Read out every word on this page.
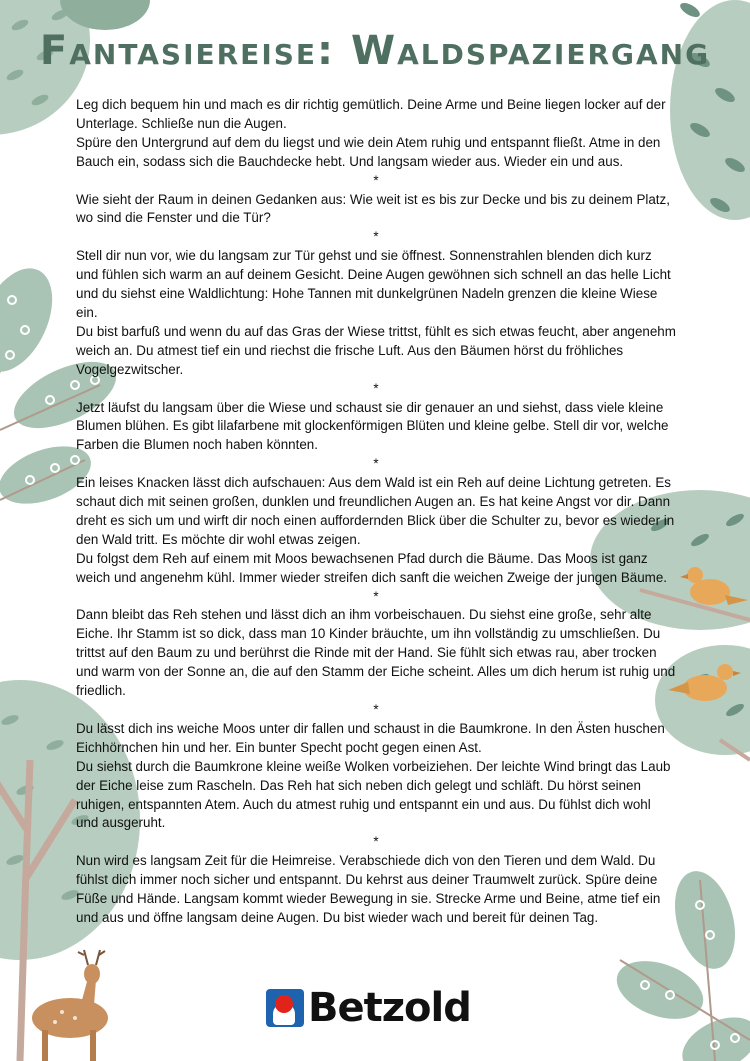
Fantasiereise: Waldspaziergang

Leg dich bequem hin und mach es dir richtig gemütlich. Deine Arme und Beine liegen locker auf der Unterlage. Schließe nun die Augen.

Spüre den Untergrund auf dem du liegst und wie dein Atem ruhig und entspannt fließt. Atme in den Bauch ein, sodass sich die Bauchdecke hebt. Und langsam wieder aus. Wieder ein und aus.

*

Wie sieht der Raum in deinen Gedanken aus: Wie weit ist es bis zur Decke und bis zu deinem Platz, wo sind die Fenster und die Tür?

*

Stell dir nun vor, wie du langsam zur Tür gehst und sie öffnest. Sonnenstrahlen blenden dich kurz und fühlen sich warm an auf deinem Gesicht. Deine Augen gewöhnen sich schnell an das helle Licht und du siehst eine Waldlichtung: Hohe Tannen mit dunkelgrünen Nadeln grenzen die kleine Wiese ein.

Du bist barfuß und wenn du auf das Gras der Wiese trittst, fühlt es sich etwas feucht, aber angenehm weich an. Du atmest tief ein und riechst die frische Luft. Aus den Bäumen hörst du fröhliches Vogelgezwitscher.

*

Jetzt läufst du langsam über die Wiese und schaust sie dir genauer an und siehst, dass viele kleine Blumen blühen. Es gibt lilafarbene mit glockenförmigen Blüten und kleine gelbe. Stell dir vor, welche Farben die Blumen noch haben könnten.

*

Ein leises Knacken lässt dich aufschauen: Aus dem Wald ist ein Reh auf deine Lichtung getreten. Es schaut dich mit seinen großen, dunklen und freundlichen Augen an. Es hat keine Angst vor dir. Dann dreht es sich um und wirft dir noch einen auffordernden Blick über die Schulter zu, bevor es wieder in den Wald tritt. Es möchte dir wohl etwas zeigen.

Du folgst dem Reh auf einem mit Moos bewachsenen Pfad durch die Bäume. Das Moos ist ganz weich und angenehm kühl. Immer wieder streifen dich sanft die weichen Zweige der jungen Bäume.

*

Dann bleibt das Reh stehen und lässt dich an ihm vorbeischauen. Du siehst eine große, sehr alte Eiche. Ihr Stamm ist so dick, dass man 10 Kinder bräuchte, um ihn vollständig zu umschließen. Du trittst auf den Baum zu und berührst die Rinde mit der Hand. Sie fühlt sich etwas rau, aber trocken und warm von der Sonne an, die auf den Stamm der Eiche scheint. Alles um dich herum ist ruhig und friedlich.

*

Du lässt dich ins weiche Moos unter dir fallen und schaust in die Baumkrone. In den Ästen huschen Eichhörnchen hin und her. Ein bunter Specht pocht gegen einen Ast.

Du siehst durch die Baumkrone kleine weiße Wolken vorbeiziehen. Der leichte Wind bringt das Laub der Eiche leise zum Rascheln. Das Reh hat sich neben dich gelegt und schläft. Du hörst seinen ruhigen, entspannten Atem. Auch du atmest ruhig und entspannt ein und aus. Du fühlst dich wohl und ausgeruht.

*

Nun wird es langsam Zeit für die Heimreise. Verabschiede dich von den Tieren und dem Wald. Du fühlst dich immer noch sicher und entspannt. Du kehrst aus deiner Traumwelt zurück. Spüre deine Füße und Hände. Langsam kommt wieder Bewegung in sie. Strecke Arme und Beine, atme tief ein und aus und öffne langsam deine Augen. Du bist wieder wach und bereit für deinen Tag.

Betzold
